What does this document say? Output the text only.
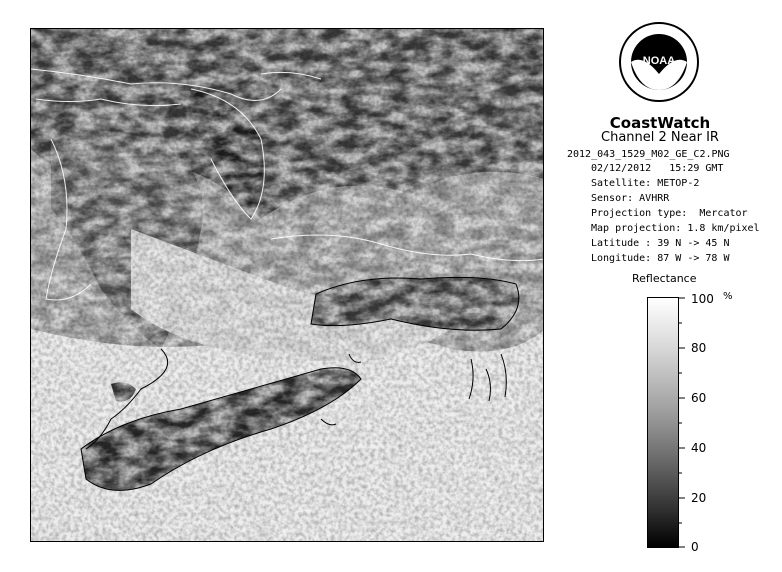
NOAA
CoastWatch
Channel 2 Near IR

2012_043_1529_M02_GE_C2.PNG

02/12/2012   15:29 GMT

Satellite: METOP-2

Sensor: AVHRR

Projection type:  Mercator

Map projection: 1.8 km/pixel

Latitude : 39 N -> 45 N

Longitude: 87 W -> 78 W

Reflectance
%
100
80
60
40
20
0
